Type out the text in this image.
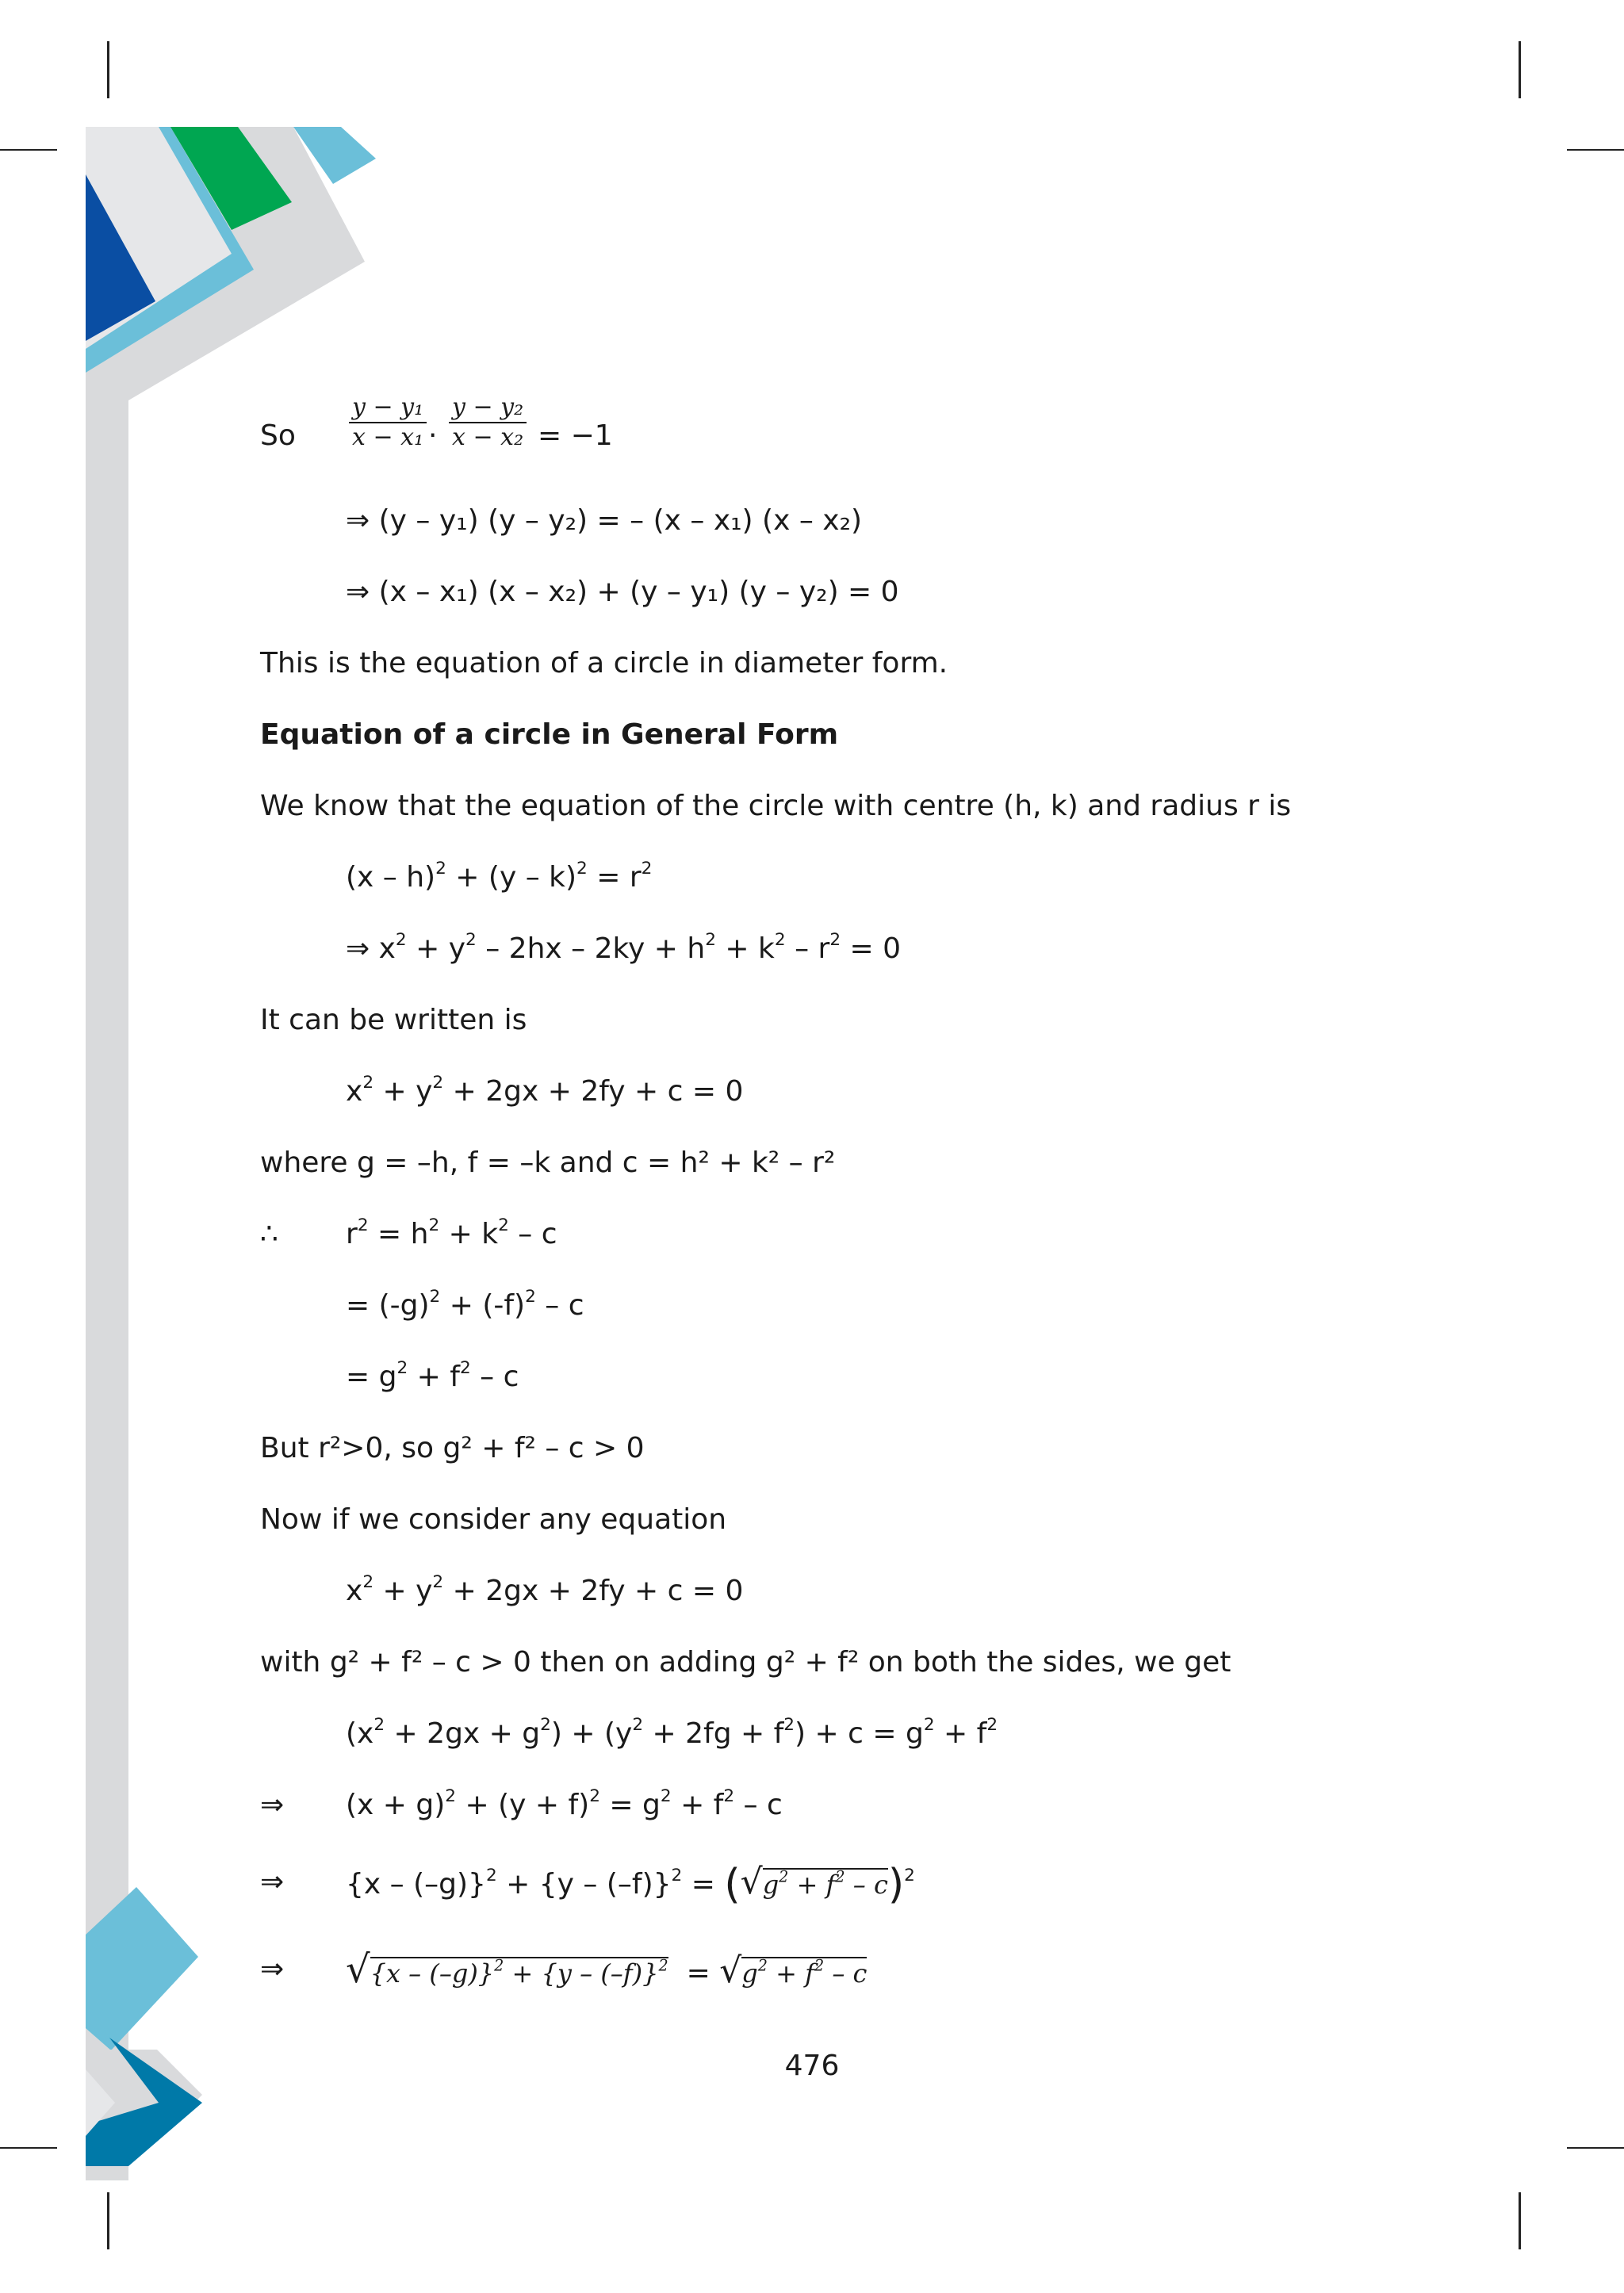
So $\frac{\text{y − y₁}}{\text{x − x₁}} \cdot \frac{\text{y − y₂}}{\text{x − x₂}} = -1$
⇒ (y – y₁) (y – y₂) = – (x – x₁) (x – x₂)
⇒ (x – x₁) (x – x₂) + (y – y₁) (y – y₂) = 0
This is the equation of a circle in diameter form.
Equation of a circle in General Form
We know that the equation of the circle with centre (h, k) and radius r is
$(x - h)^2 + (y - k)^2 = r^2$
⇒ $x^2 + y^2 - 2hx - 2ky + h^2 + k^2 - r^2 = 0$
It can be written is
$x^2 + y^2 + 2gx + 2fy + c = 0$
where g = –h, f = –k and c = h² + k² – r²
∴ $r^2 = h^2 + k^2 - c$
= $(-g)^2 + (-f)^2 - c$
= $g^2 + f^2 - c$
But r²>0, so g² + f² – c > 0
Now if we consider any equation
$x^2 + y^2 + 2gx + 2fy + c = 0$
with g² + f² – c > 0 then on adding g² + f² on both the sides, we get
$(x^2 + 2gx + g^2) + (y^2 + 2fg + f^2) + c = g^2 + f^2$
⇒ $(x + g)^2 + (y + f)^2 = g^2 + f^2 - c$
⇒ $\{x - (-g)\}^2 + \{y - (-f)\}^2 = (√g^2 + f^2 - c)^2$
⇒ $√\{x - (-g)\}^2 + \{y - (-f)\}^2 = √g^2 + f^2 - c$
476
